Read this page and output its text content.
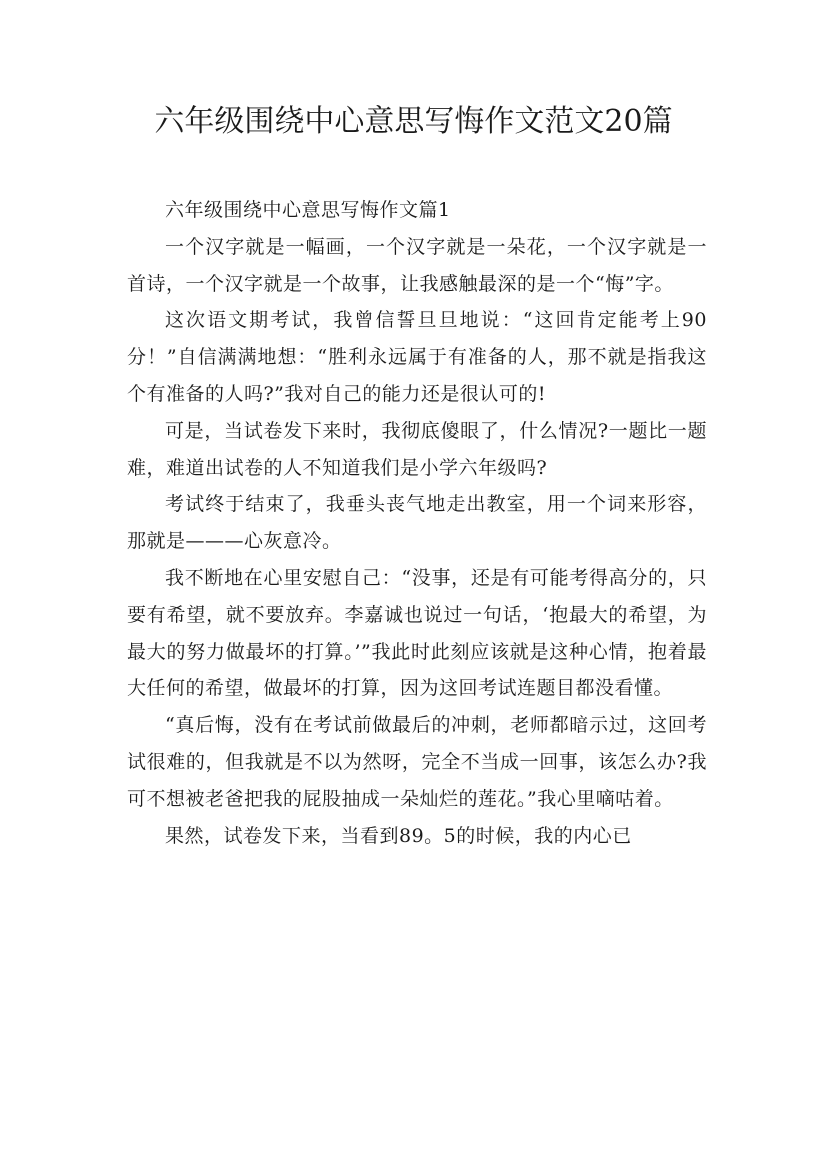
六年级围绕中心意思写悔作文范文20篇

六年级围绕中心意思写悔作文篇1

一个汉字就是一幅画，一个汉字就是一朵花，一个汉字就是一首诗，一个汉字就是一个故事，让我感触最深的是一个“悔”字。

这次语文期考试，我曾信誓旦旦地说：“这回肯定能考上90分！”自信满满地想：“胜利永远属于有准备的人，那不就是指我这个有准备的人吗?”我对自己的能力还是很认可的!

可是，当试卷发下来时，我彻底傻眼了，什么情况?一题比一题难，难道出试卷的人不知道我们是小学六年级吗?

考试终于结束了，我垂头丧气地走出教室，用一个词来形容，那就是———心灰意冷。

我不断地在心里安慰自己：“没事，还是有可能考得高分的，只要有希望，就不要放弃。李嘉诚也说过一句话，‘抱最大的希望，为最大的努力做最坏的打算。’”我此时此刻应该就是这种心情，抱着最大任何的希望，做最坏的打算，因为这回考试连题目都没看懂。

“真后悔，没有在考试前做最后的冲刺，老师都暗示过，这回考试很难的，但我就是不以为然呀，完全不当成一回事，该怎么办?我可不想被老爸把我的屁股抽成一朵灿烂的莲花。”我心里嘀咕着。

果然，试卷发下来，当看到89。5的时候，我的内心已
